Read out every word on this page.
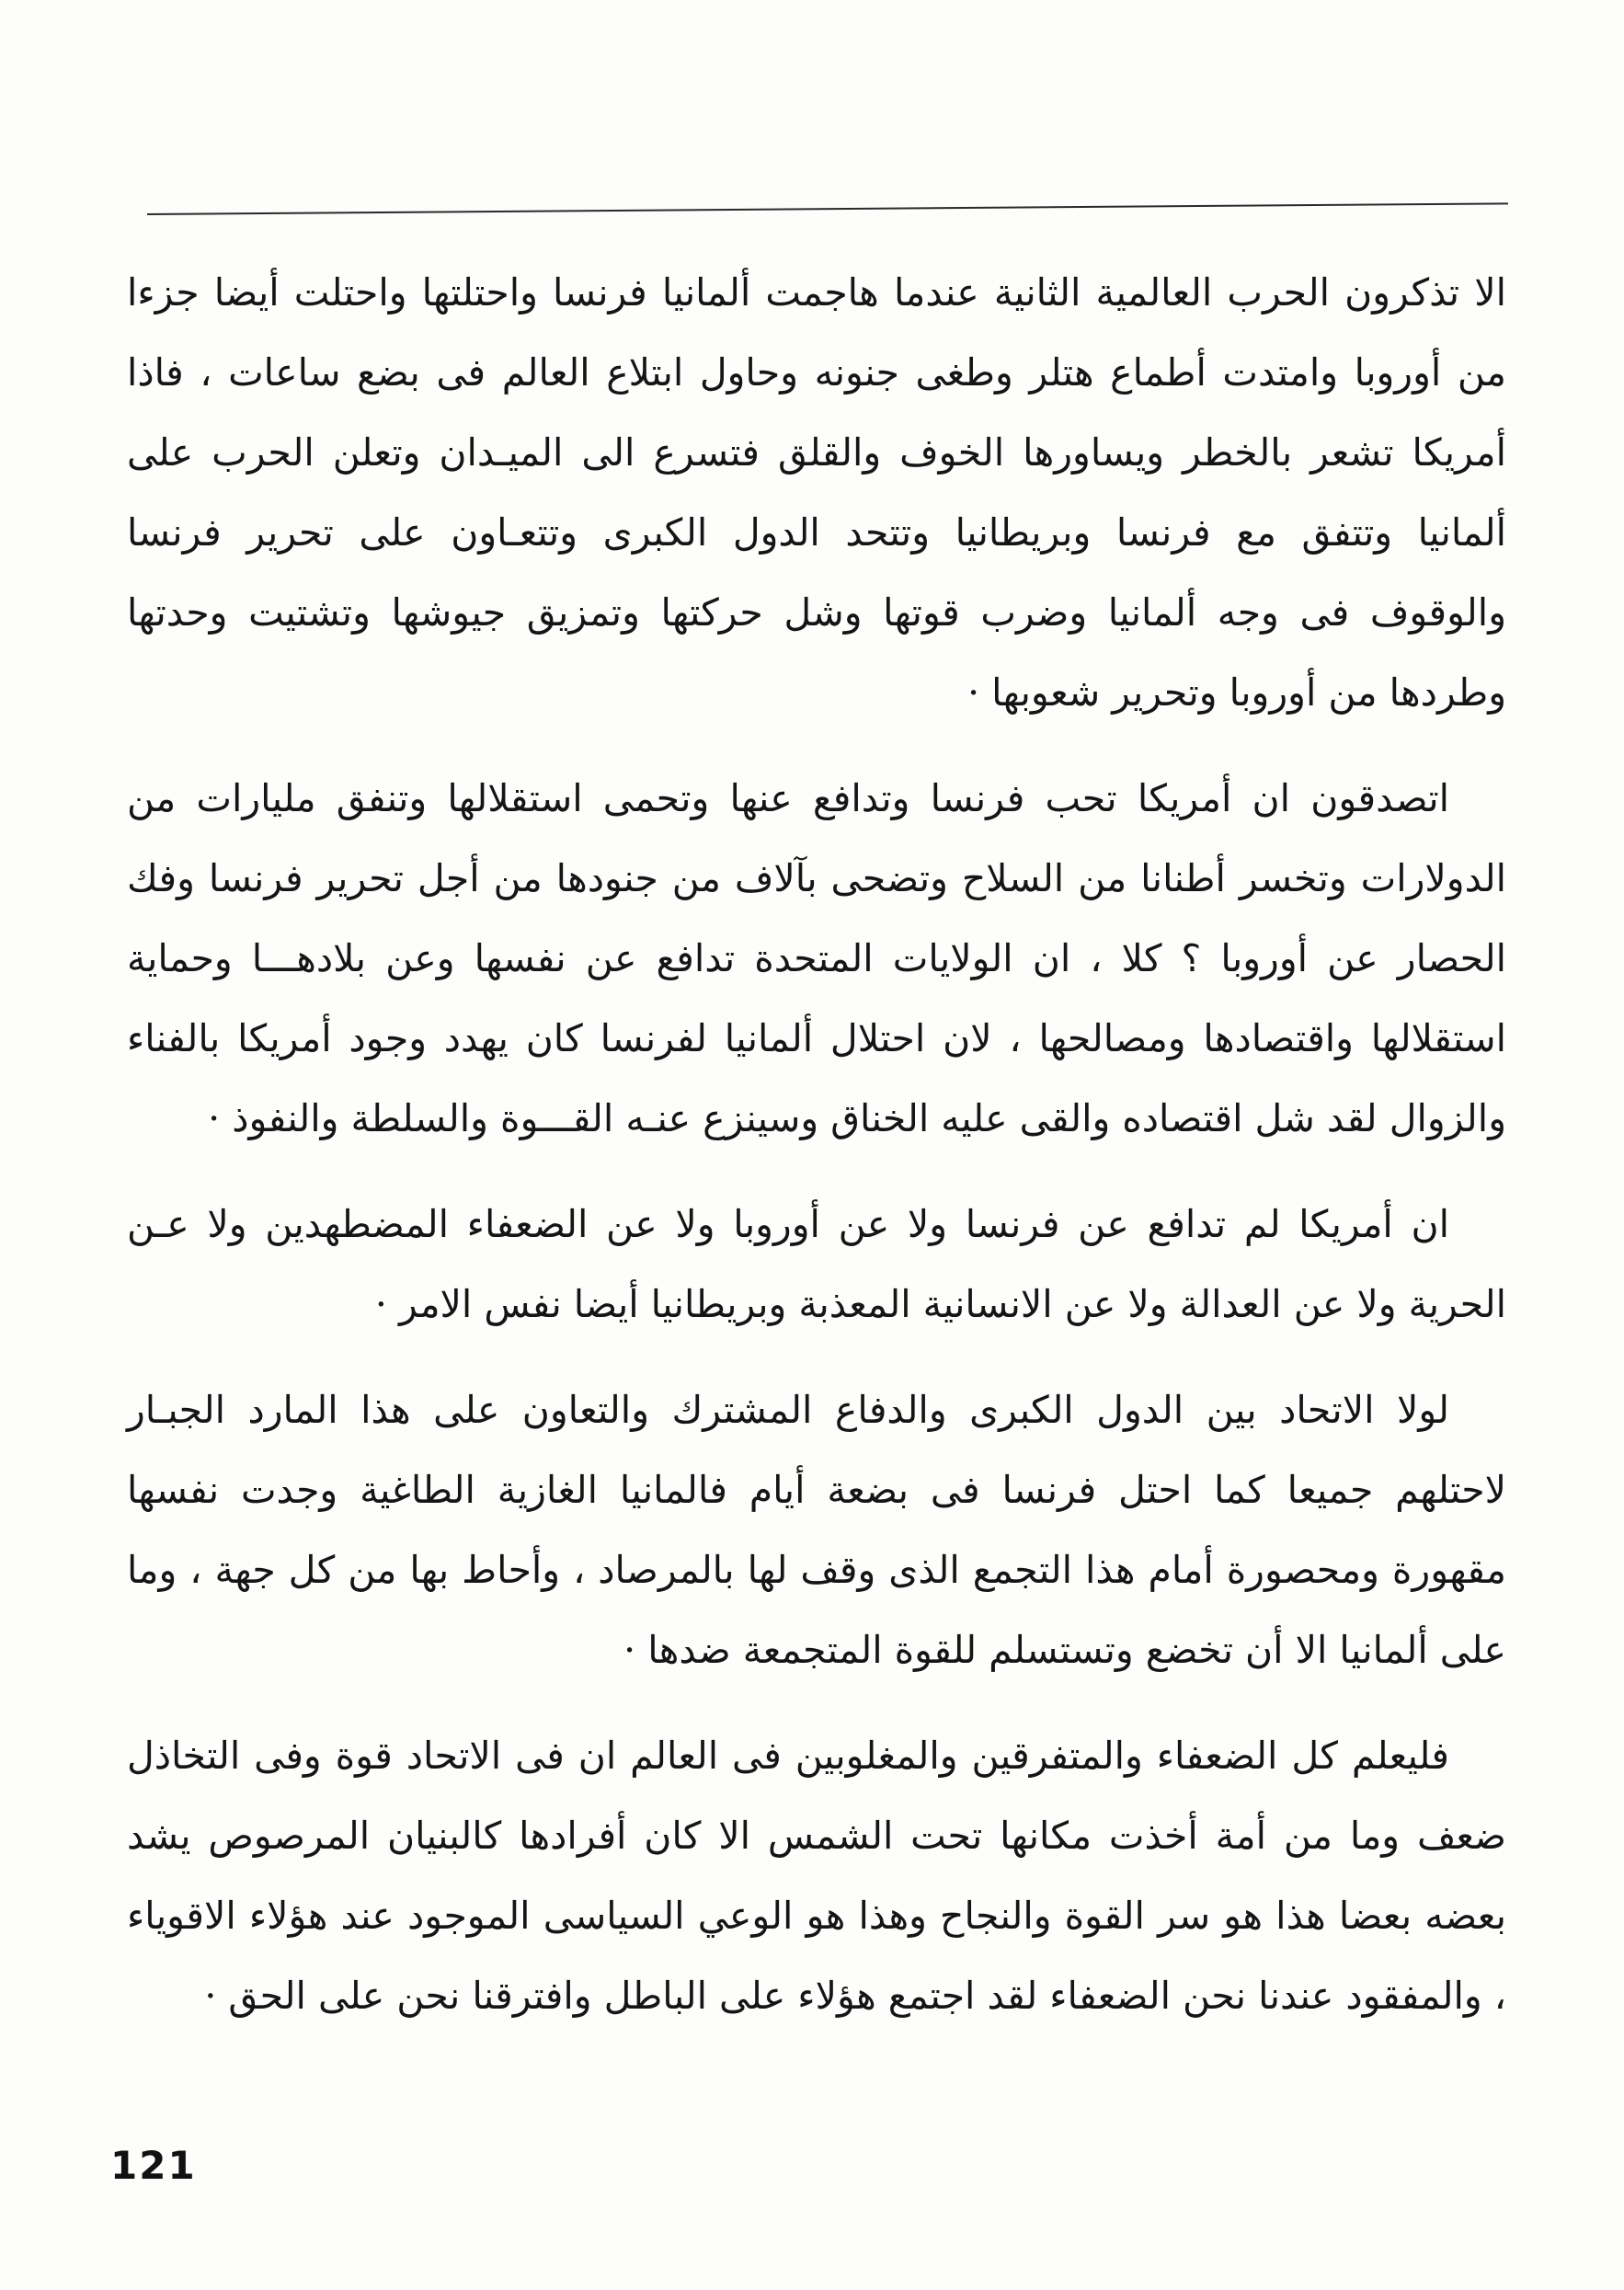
الا تذكرون الحرب العالمية الثانية عندما هاجمت ألمانيا فرنسا واحتلتها واحتلت أيضا جزءا من أوروبا وامتدت أطماع هتلر وطغى جنونه وحاول ابتلاع العالم فى بضع ساعات ، فاذا أمريكا تشعر بالخطر ويساورها الخوف والقلق فتسرع الى الميـدان وتعلن الحرب على ألمانيا وتتفق مع فرنسا وبريطانيا وتتحد الدول الكبرى وتتعـاون على تحرير فرنسا والوقوف فى وجه ألمانيا وضرب قوتها وشل حركتها وتمزيق جيوشها وتشتيت وحدتها وطردها من أوروبا وتحرير شعوبها ·

اتصدقون ان أمريكا تحب فرنسا وتدافع عنها وتحمى استقلالها وتنفق مليارات من الدولارات وتخسر أطنانا من السلاح وتضحى بآلاف من جنودها من أجل تحرير فرنسا وفك الحصار عن أوروبا ؟ كلا ، ان الولايات المتحدة تدافع عن نفسها وعن بلادهـــا وحماية استقلالها واقتصادها ومصالحها ، لان احتلال ألمانيا لفرنسا كان يهدد وجود أمريكا بالفناء والزوال لقد شل اقتصاده والقى عليه الخناق وسينزع عنـه القـــوة والسلطة والنفوذ ·

ان أمريكا لم تدافع عن فرنسا ولا عن أوروبا ولا عن الضعفاء المضطهدين ولا عـن الحرية ولا عن العدالة ولا عن الانسانية المعذبة وبريطانيا أيضا نفس الامر ·

لولا الاتحاد بين الدول الكبرى والدفاع المشترك والتعاون على هذا المارد الجبـار لاحتلهم جميعا كما احتل فرنسا فى بضعة أيام فالمانيا الغازية الطاغية وجدت نفسها مقهورة ومحصورة أمام هذا التجمع الذى وقف لها بالمرصاد ، وأحاط بها من كل جهة ، وما على ألمانيا الا أن تخضع وتستسلم للقوة المتجمعة ضدها ·

فليعلم كل الضعفاء والمتفرقين والمغلوبين فى العالم ان فى الاتحاد قوة وفى التخاذل ضعف وما من أمة أخذت مكانها تحت الشمس الا كان أفرادها كالبنيان المرصوص يشد بعضه بعضا هذا هو سر القوة والنجاح وهذا هو الوعي السياسى الموجود عند هؤلاء الاقوياء ، والمفقود عندنا نحن الضعفاء لقد اجتمع هؤلاء على الباطل وافترقنا نحن على الحق ·

121
